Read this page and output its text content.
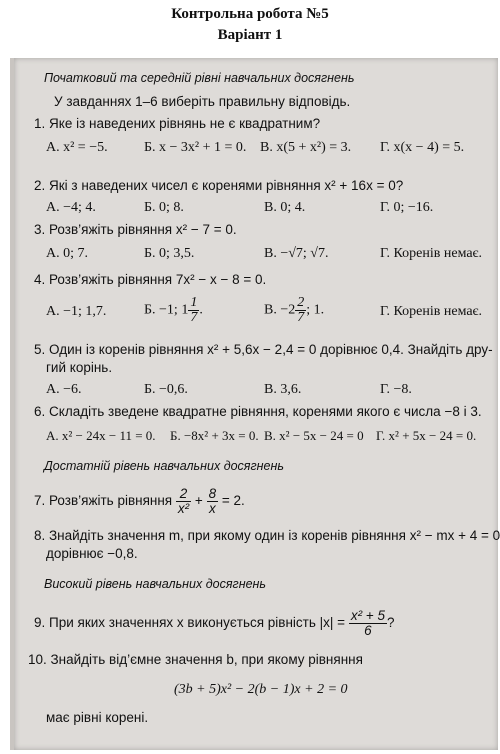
Контрольна робота №5
Варіант 1
Початковий та середній рівні навчальних досягнень
У завданнях 1–6 виберіть правильну відповідь.
1. Яке із наведених рівнянь не є квадратним?
А. x² = −5.	Б. x − 3x² + 1 = 0. В. x(5 + x²) = 3. Г. x(x − 4) = 5.
2. Які з наведених чисел є коренями рівняння x² + 16x = 0?
А. −4; 4.	Б. 0; 8.	В. 0; 4.	Г. 0; −16.
3. Розв’яжіть рівняння x² − 7 = 0.
А. 0; 7.	Б. 0; 3,5.	В. −√7; √7.	Г. Коренів немає.
4. Розв’яжіть рівняння 7x² − x − 8 = 0.
А. −1; 1,7.	Б. −1; $1 \frac{1}{7}$ .	В. $-2 \frac{2}{7}$ ; 1.	Г. Коренів немає.
5. Один із коренів рівняння x² + 5,6x − 2,4 = 0 дорівнює 0,4. Знайдіть дру-
гий корінь.
А. −6.	Б. −0,6.	В. 3,6.	Г. −8.
6. Складіть зведене квадратне рівняння, коренями якого є числа −8 і 3.
А. x² − 24x − 11 = 0. Б. −8x² + 3x = 0. В. x² − 5x − 24 = 0 Г. x² + 5x − 24 = 0.
Достатній рівень навчальних досягнень
7. Розв’яжіть рівняння $\frac{2}{\text{x²}} + \frac{8}{x} = 2$.
8. Знайдіть значення m, при якому один із коренів рівняння x² − mx + 4 = 0
дорівнює −0,8.
Високий рівень навчальних досягнень
9. При яких значеннях x виконується рівність $|x| = \frac{\text{x² + 5}}{6}$ ?
10. Знайдіть від’ємне значення b, при якому рівняння
(3b + 5)x² − 2(b − 1)x + 2 = 0
має рівні корені.
